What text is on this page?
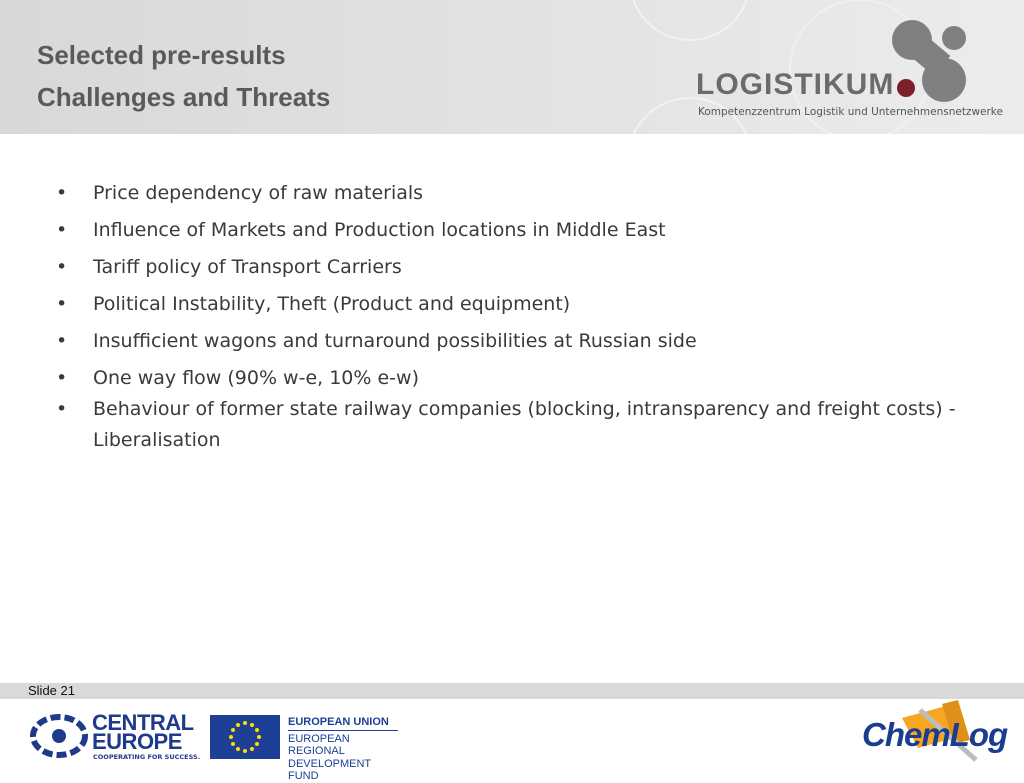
Selected pre-results
Challenges and Threats	LOGISTIKUM
Kompetenzzentrum Logistik und Unternehmensnetzwerke
• Price dependency of raw materials
• Influence of Markets and Production locations in Middle East
• Tariff policy of Transport Carriers
• Political Instability, Theft (Product and equipment)
• Insufficient wagons and turnaround possibilities at Russian side
• One way flow (90% w-e, 10% e-w)
• Behaviour of former state railway companies (blocking, intransparency and freight costs) - Liberalisation
Slide 21
CENTRAL
EUROPE
COOPERATING FOR SUCCESS.
EUROPEAN UNION
EUROPEAN REGIONAL
DEVELOPMENT FUND
ChemLog
